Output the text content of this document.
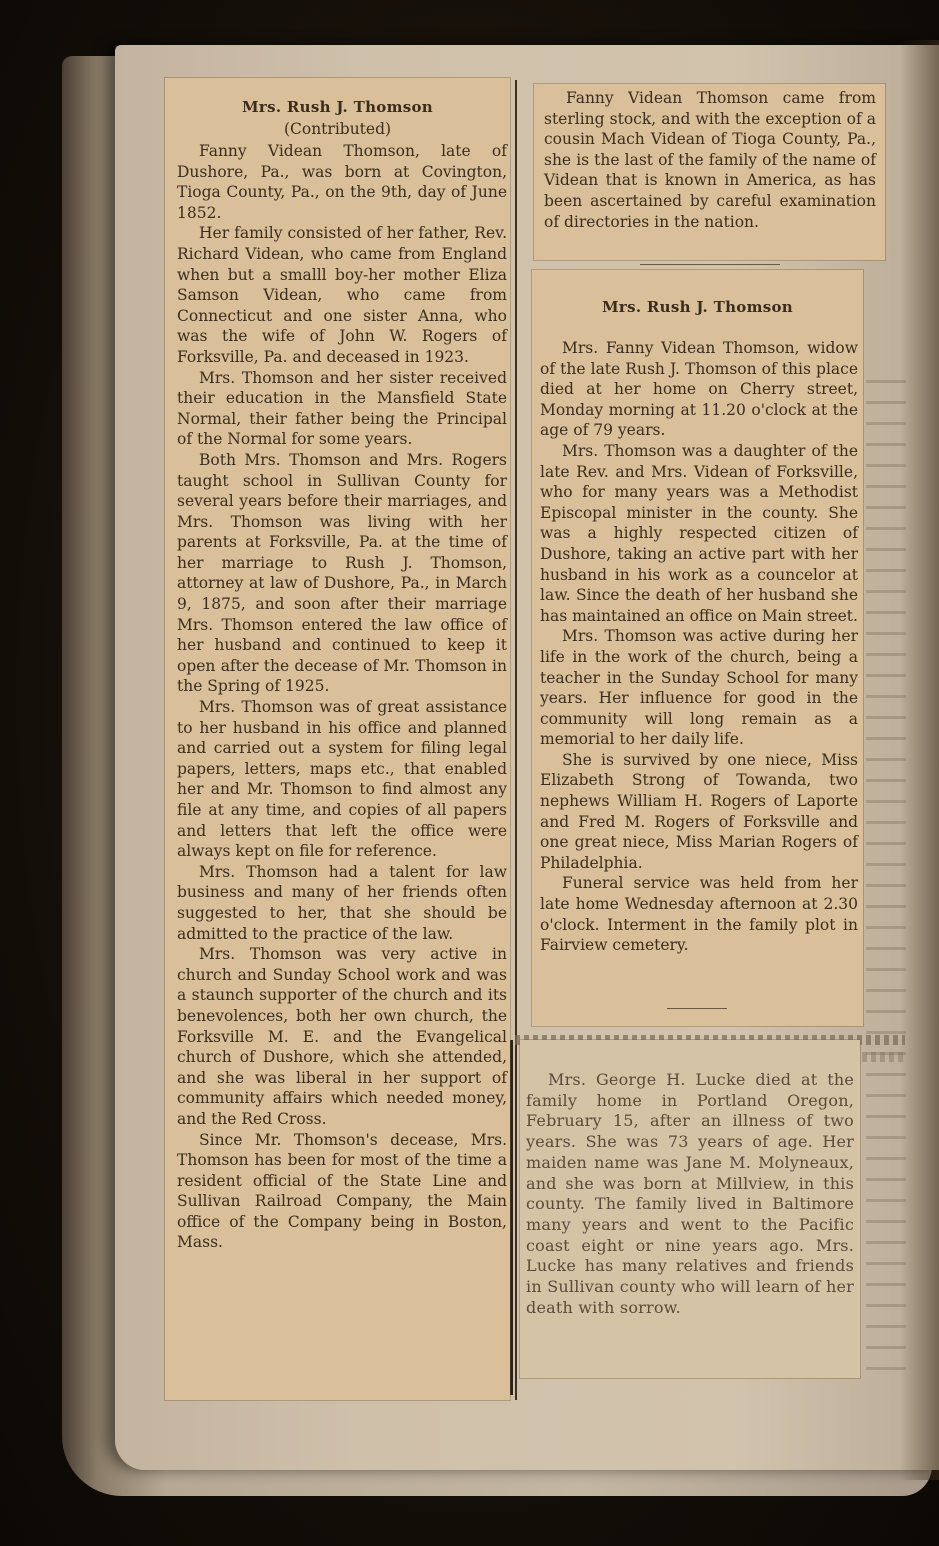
Mrs. Rush J. Thomson

(Contributed)

Fanny Videan Thomson, late of Dushore, Pa., was born at Covington, Tioga County, Pa., on the 9th, day of June 1852.

Her family consisted of her father, Rev. Richard Videan, who came from England when but a smalll boy-her mother Eliza Samson Videan, who came from Connecticut and one sister Anna, who was the wife of John W. Rogers of Forksville, Pa. and deceased in 1923.

Mrs. Thomson and her sister received their education in the Mansfield State Normal, their father being the Principal of the Normal for some years.

Both Mrs. Thomson and Mrs. Rogers taught school in Sullivan County for several years before their marriages, and Mrs. Thomson was living with her parents at Forksville, Pa. at the time of her marriage to Rush J. Thomson, attorney at law of Dushore, Pa., in March 9, 1875, and soon after their marriage Mrs. Thomson entered the law office of her husband and continued to keep it open after the decease of Mr. Thomson in the Spring of 1925.

Mrs. Thomson was of great assistance to her husband in his office and planned and carried out a system for filing legal papers, letters, maps etc., that enabled her and Mr. Thomson to find almost any file at any time, and copies of all papers and letters that left the office were always kept on file for reference.

Mrs. Thomson had a talent for law business and many of her friends often suggested to her, that she should be admitted to the practice of the law.

Mrs. Thomson was very active in church and Sunday School work and was a staunch supporter of the church and its benevolences, both her own church, the Forksville M. E. and the Evangelical church of Dushore, which she attended, and she was liberal in her support of community affairs which needed money, and the Red Cross.

Since Mr. Thomson's decease, Mrs. Thomson has been for most of the time a resident official of the State Line and Sullivan Railroad Company, the Main office of the Company being in Boston, Mass.

Fanny Videan Thomson came from sterling stock, and with the exception of a cousin Mach Videan of Tioga County, Pa., she is the last of the family of the name of Videan that is known in America, as has been ascertained by careful examination of directories in the nation.

Mrs. Rush J. Thomson

Mrs. Fanny Videan Thomson, widow of the late Rush J. Thomson of this place died at her home on Cherry street, Monday morning at 11.20 o'clock at the age of 79 years.

Mrs. Thomson was a daughter of the late Rev. and Mrs. Videan of Forksville, who for many years was a Methodist Episcopal minister in the county. She was a highly respected citizen of Dushore, taking an active part with her husband in his work as a councelor at law. Since the death of her husband she has maintained an office on Main street.

Mrs. Thomson was active during her life in the work of the church, being a teacher in the Sunday School for many years. Her influence for good in the community will long remain as a memorial to her daily life.

She is survived by one niece, Miss Elizabeth Strong of Towanda, two nephews William H. Rogers of Laporte and Fred M. Rogers of Forksville and one great niece, Miss Marian Rogers of Philadelphia.

Funeral service was held from her late home Wednesday afternoon at 2.30 o'clock. Interment in the family plot in Fairview cemetery.

Mrs. George H. Lucke died at the family home in Portland Oregon, February 15, after an illness of two years. She was 73 years of age. Her maiden name was Jane M. Molyneaux, and she was born at Millview, in this county. The family lived in Baltimore many years and went to the Pacific coast eight or nine years ago. Mrs. Lucke has many relatives and friends in Sullivan county who will learn of her death with sorrow.
